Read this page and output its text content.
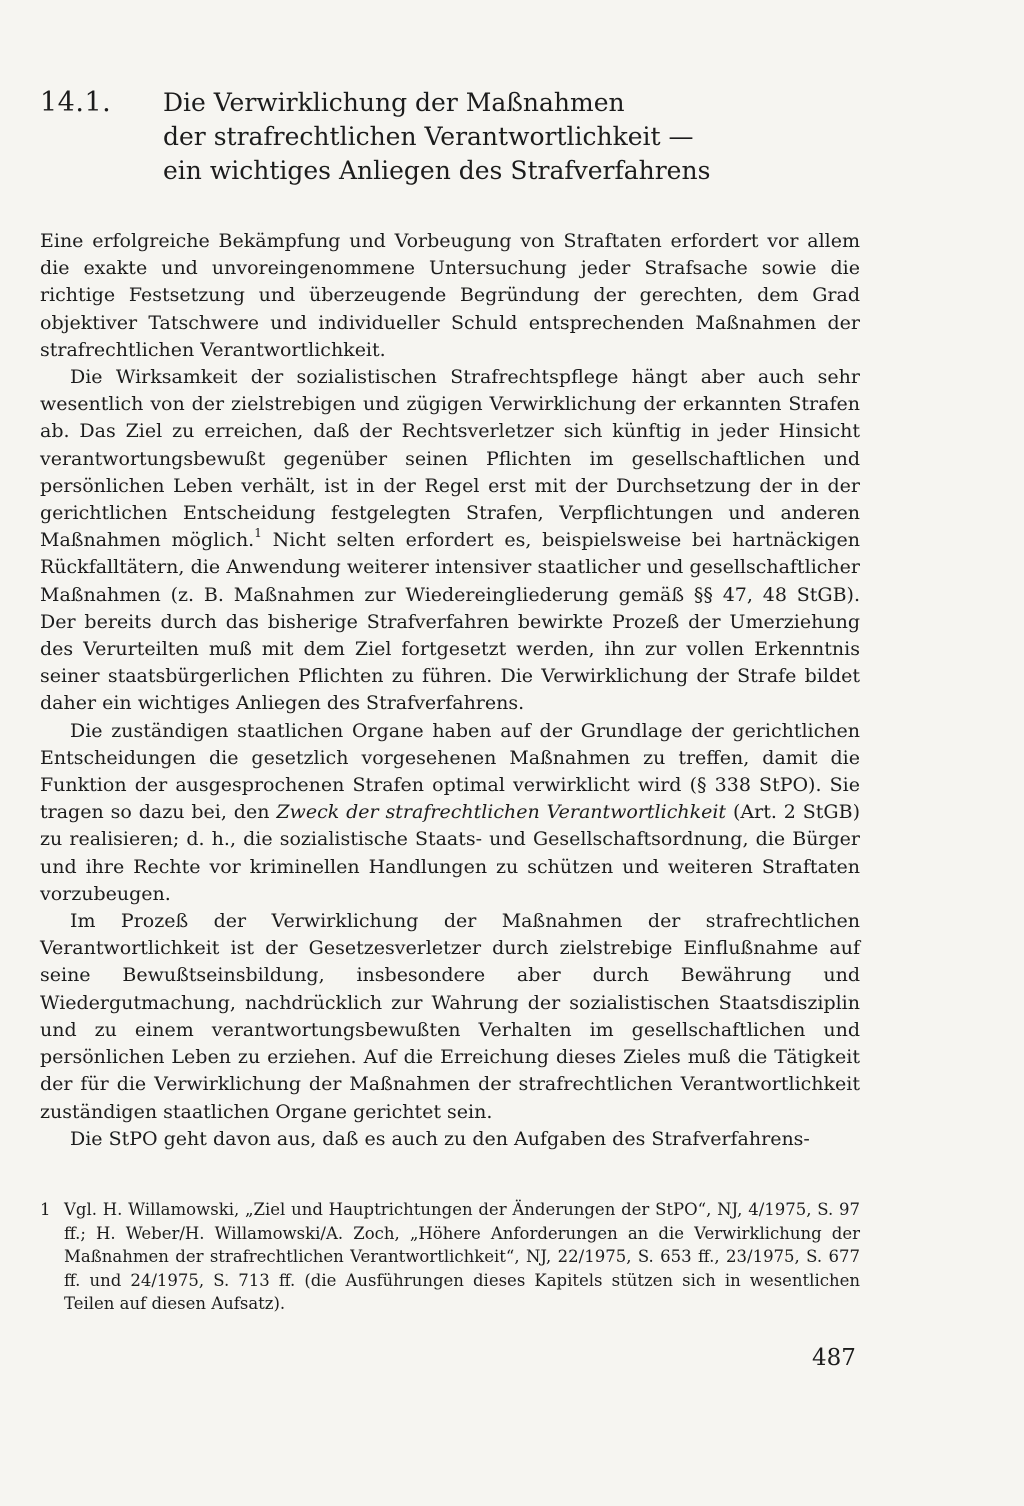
14.1. Die Verwirklichung der Maßnahmen
der strafrechtlichen Verantwortlichkeit —
ein wichtiges Anliegen des Strafverfahrens

Eine erfolgreiche Bekämpfung und Vorbeugung von Straftaten erfordert vor allem die exakte und unvoreingenommene Untersuchung jeder Strafsache sowie die richtige Festsetzung und überzeugende Begründung der gerechten, dem Grad objektiver Tatschwere und individueller Schuld entsprechenden Maßnahmen der strafrechtlichen Verantwortlichkeit.

Die Wirksamkeit der sozialistischen Strafrechtspflege hängt aber auch sehr wesentlich von der zielstrebigen und zügigen Verwirklichung der erkannten Strafen ab. Das Ziel zu erreichen, daß der Rechtsverletzer sich künftig in jeder Hinsicht verantwortungsbewußt gegenüber seinen Pflichten im gesellschaftlichen und persönlichen Leben verhält, ist in der Regel erst mit der Durchsetzung der in der gerichtlichen Entscheidung festgelegten Strafen, Verpflichtungen und anderen Maßnahmen möglich.$^1$ Nicht selten erfordert es, beispielsweise bei hartnäckigen Rückfalltätern, die Anwendung weiterer intensiver staatlicher und gesellschaftlicher Maßnahmen (z. B. Maßnahmen zur Wiedereingliederung gemäß §§ 47, 48 StGB). Der bereits durch das bisherige Strafverfahren bewirkte Prozeß der Umerziehung des Verurteilten muß mit dem Ziel fortgesetzt werden, ihn zur vollen Erkenntnis seiner staatsbürgerlichen Pflichten zu führen. Die Verwirklichung der Strafe bildet daher ein wichtiges Anliegen des Strafverfahrens.

Die zuständigen staatlichen Organe haben auf der Grundlage der gerichtlichen Entscheidungen die gesetzlich vorgesehenen Maßnahmen zu treffen, damit die Funktion der ausgesprochenen Strafen optimal verwirklicht wird (§ 338 StPO). Sie tragen so dazu bei, den Zweck der strafrechtlichen Verantwortlichkeit (Art. 2 StGB) zu realisieren; d. h., die sozialistische Staats- und Gesellschaftsordnung, die Bürger und ihre Rechte vor kriminellen Handlungen zu schützen und weiteren Straftaten vorzubeugen.

Im Prozeß der Verwirklichung der Maßnahmen der strafrechtlichen Verantwortlichkeit ist der Gesetzesverletzer durch zielstrebige Einflußnahme auf seine Bewußtseinsbildung, insbesondere aber durch Bewährung und Wiedergutmachung, nachdrücklich zur Wahrung der sozialistischen Staatsdisziplin und zu einem verantwortungsbewußten Verhalten im gesellschaftlichen und persönlichen Leben zu erziehen. Auf die Erreichung dieses Zieles muß die Tätigkeit der für die Verwirklichung der Maßnahmen der strafrechtlichen Verantwortlichkeit zuständigen staatlichen Organe gerichtet sein.

Die StPO geht davon aus, daß es auch zu den Aufgaben des Strafverfahrens-

1 Vgl. H. Willamowski, „Ziel und Hauptrichtungen der Änderungen der StPO“, NJ, 4/1975, S. 97 ff.; H. Weber/H. Willamowski/A. Zoch, „Höhere Anforderungen an die Verwirklichung der Maßnahmen der strafrechtlichen Verantwortlichkeit“, NJ, 22/1975, S. 653 ff., 23/1975, S. 677 ff. und 24/1975, S. 713 ff. (die Ausführungen dieses Kapitels stützen sich in wesentlichen Teilen auf diesen Aufsatz).
487
